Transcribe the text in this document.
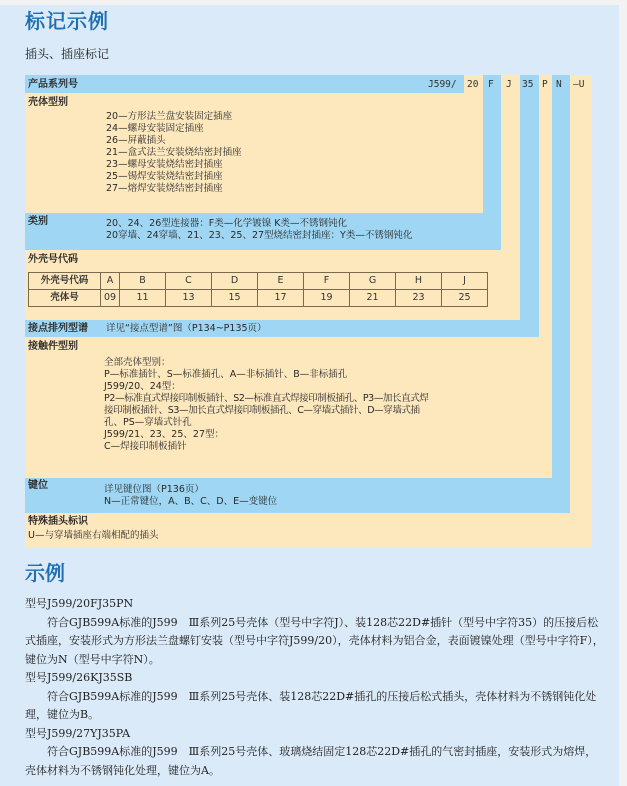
标记示例
插头、插座标记
产品系列号	J599/ 20 F J 35 P N —U
壳体型别
20—方形法兰盘安装固定插座
24—螺母安装固定插座
26—屏蔽插头
21—盒式法兰安装烧结密封插座
23—螺母安装烧结密封插座
25—锡焊安装烧结密封插座
27—熔焊安装烧结密封插座
类别	20、24、26型连接器：F类—化学镀镍 K类—不锈钢钝化
20穿墙、24穿墙、21、23、25、27型烧结密封插座：Y类—不锈钢钝化
外壳号代码
外壳号代码	A	B	C	D	E	F	G	H	J
壳体号	09	11	13	15	17	19	21	23	25
接点排列型谱 详见“接点型谱”图（P134~P135页）
接触件型别
全部壳体型别：
P—标准插针、S—标准插孔、A—非标插针、B—非标插孔
J599/20、24型：
P2—标准直式焊接印制板插针、S2—标准直式焊接印制板插孔、P3—加长直式焊
接印制板插针、S3—加长直式焊接印制板插孔、C—穿墙式插针、D—穿墙式插
孔、PS—穿墙式针孔
J599/21、23、25、27型：
C—焊接印制板插针
键位	详见键位图（P136页）
N—正常键位，A、B、C、D、E—变键位
特殊插头标识
U—与穿墙插座右端相配的插头
示例

型号J599/20FJ35PN

符合GJB599A标准的J599　Ⅲ系列25号壳体（型号中字符J）、装128芯22D#插针（型号中字符35）的压接后松式插座，安装形式为方形法兰盘螺钉安装（型号中字符J599/20），壳体材料为铝合金，表面镀镍处理（型号中字符F），键位为N（型号中字符N）。

型号J599/26KJ35SB

符合GJB599A标准的J599　Ⅲ系列25号壳体、装128芯22D#插孔的压接后松式插头，壳体材料为不锈钢钝化处理，键位为B。

型号J599/27YJ35PA

符合GJB599A标准的J599　Ⅲ系列25号壳体、玻璃烧结固定128芯22D#插孔的气密封插座，安装形式为熔焊，壳体材料为不锈钢钝化处理，键位为A。
